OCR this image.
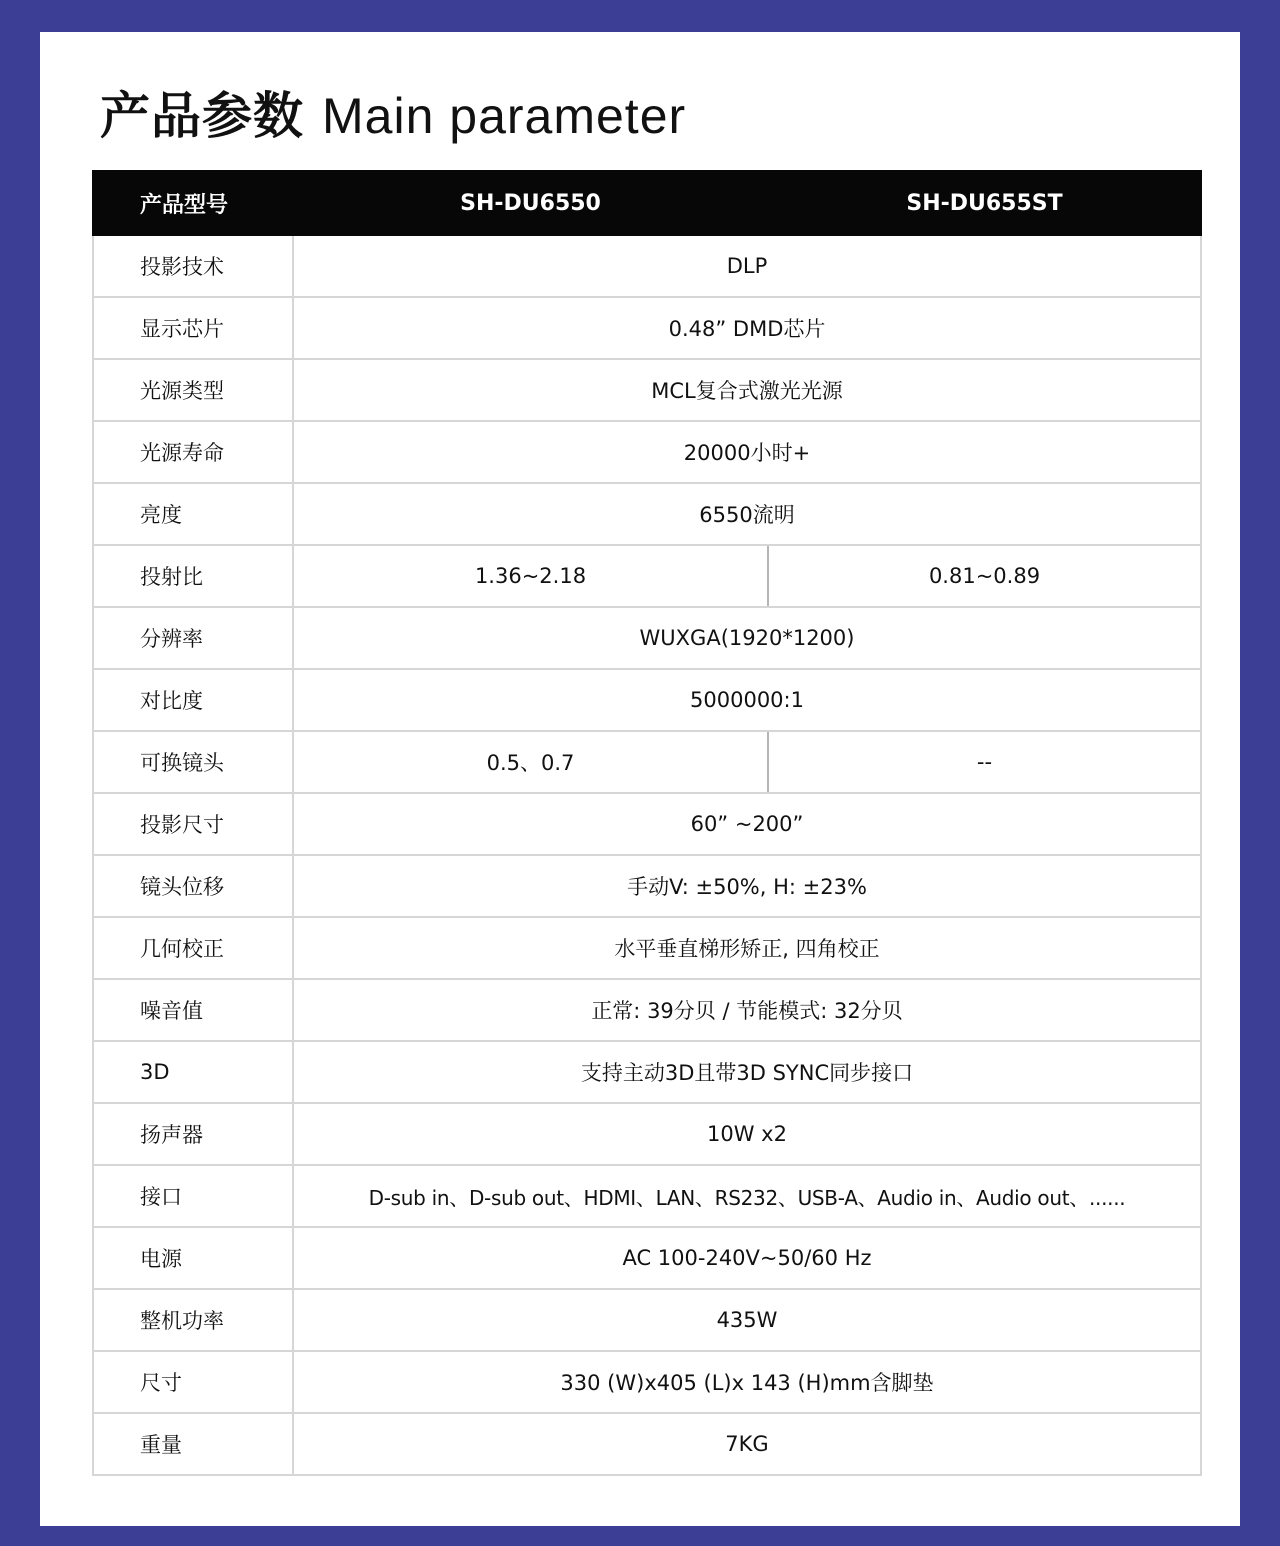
产品参数 Main parameter
产品型号	SH-DU6550	SH-DU655ST
投影技术	DLP	
显示芯片	0.48” DMD芯片	
光源类型	MCL复合式激光光源	
光源寿命	20000小时+	
亮度	6550流明	
投射比	1.36~2.18	0.81~0.89
分辨率	WUXGA(1920*1200)	
对比度	5000000:1	
可换镜头	0.5、0.7	--
投影尺寸	60” ~200”	
镜头位移	手动V: ±50%, H: ±23%	
几何校正	水平垂直梯形矫正, 四角校正	
噪音值	正常: 39分贝 / 节能模式: 32分贝	
3D	支持主动3D且带3D SYNC同步接口	
扬声器	10W x2	
接口	D-sub in、D-sub out、HDMI、LAN、RS232、USB-A、Audio in、Audio out、......	
电源	AC 100-240V~50/60 Hz	
整机功率	435W	
尺寸	330 (W)x405 (L)x 143 (H)mm含脚垫	
重量	7KG	
